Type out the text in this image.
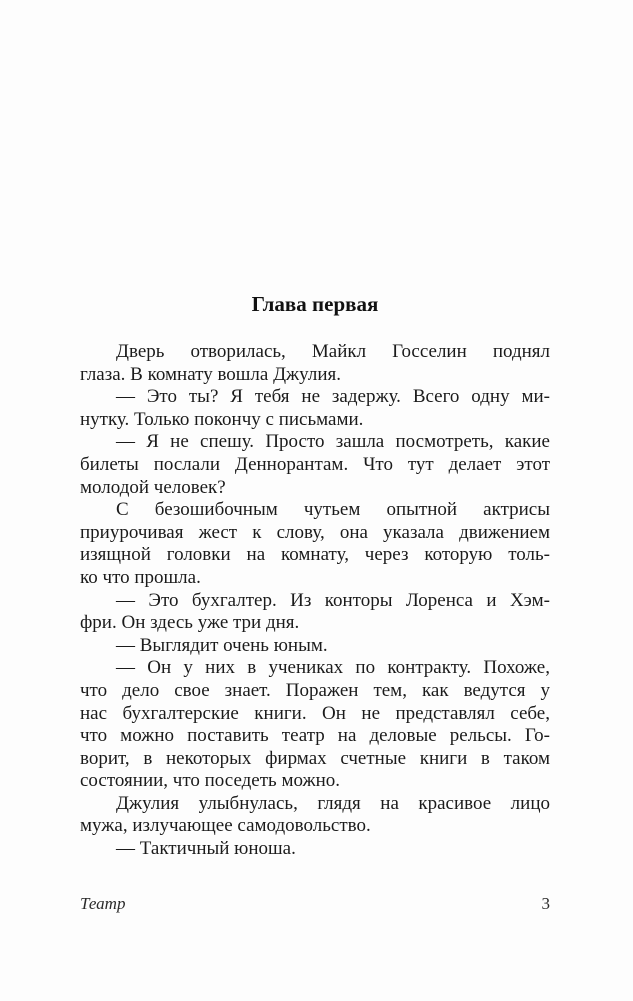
Глава первая
Дверь отворилась, Майкл Госселин поднял
глаза. В комнату вошла Джулия.
— Это ты? Я тебя не задержу. Всего одну ми-
нутку. Только покончу с письмами.
— Я не спешу. Просто зашла посмотреть, какие
билеты послали Деннорантам. Что тут делает этот
молодой человек?
С безошибочным чутьем опытной актрисы
приурочивая жест к слову, она указала движением
изящной головки на комнату, через которую толь-
ко что прошла.
— Это бухгалтер. Из конторы Лоренса и Хэм-
фри. Он здесь уже три дня.
— Выглядит очень юным.
— Он у них в учениках по контракту. Похоже,
что дело свое знает. Поражен тем, как ведутся у
нас бухгалтерские книги. Он не представлял себе,
что можно поставить театр на деловые рельсы. Го-
ворит, в некоторых фирмах счетные книги в таком
состоянии, что поседеть можно.
Джулия улыбнулась, глядя на красивое лицо
мужа, излучающее самодовольство.
— Тактичный юноша.
Театр	3
